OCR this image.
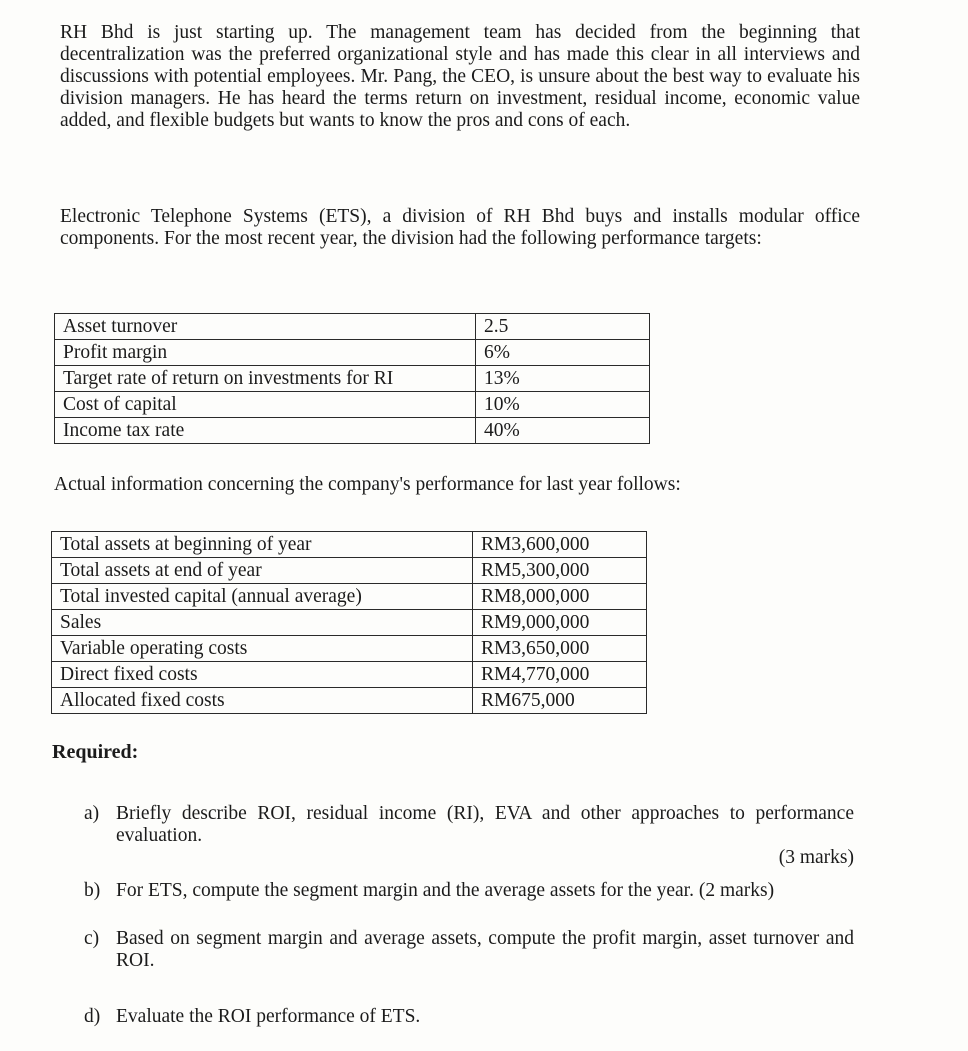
RH Bhd is just starting up. The management team has decided from the beginning that decentralization was the preferred organizational style and has made this clear in all interviews and discussions with potential employees. Mr. Pang, the CEO, is unsure about the best way to evaluate his division managers. He has heard the terms return on investment, residual income, economic value added, and flexible budgets but wants to know the pros and cons of each.

Electronic Telephone Systems (ETS), a division of RH Bhd buys and installs modular office components. For the most recent year, the division had the following performance targets:

Asset turnover	2.5
Profit margin	6%
Target rate of return on investments for RI	13%
Cost of capital	10%
Income tax rate	40%

Actual information concerning the company's performance for last year follows:

Total assets at beginning of year	RM3,600,000
Total assets at end of year	RM5,300,000
Total invested capital (annual average)	RM8,000,000
Sales	RM9,000,000
Variable operating costs	RM3,650,000
Direct fixed costs	RM4,770,000
Allocated fixed costs	RM675,000

Required:

a) Briefly describe ROI, residual income (RI), EVA and other approaches to performance evaluation.
(3 marks)
b) For ETS, compute the segment margin and the average assets for the year. (2 marks)
c) Based on segment margin and average assets, compute the profit margin, asset turnover and ROI.
d) Evaluate the ROI performance of ETS.
